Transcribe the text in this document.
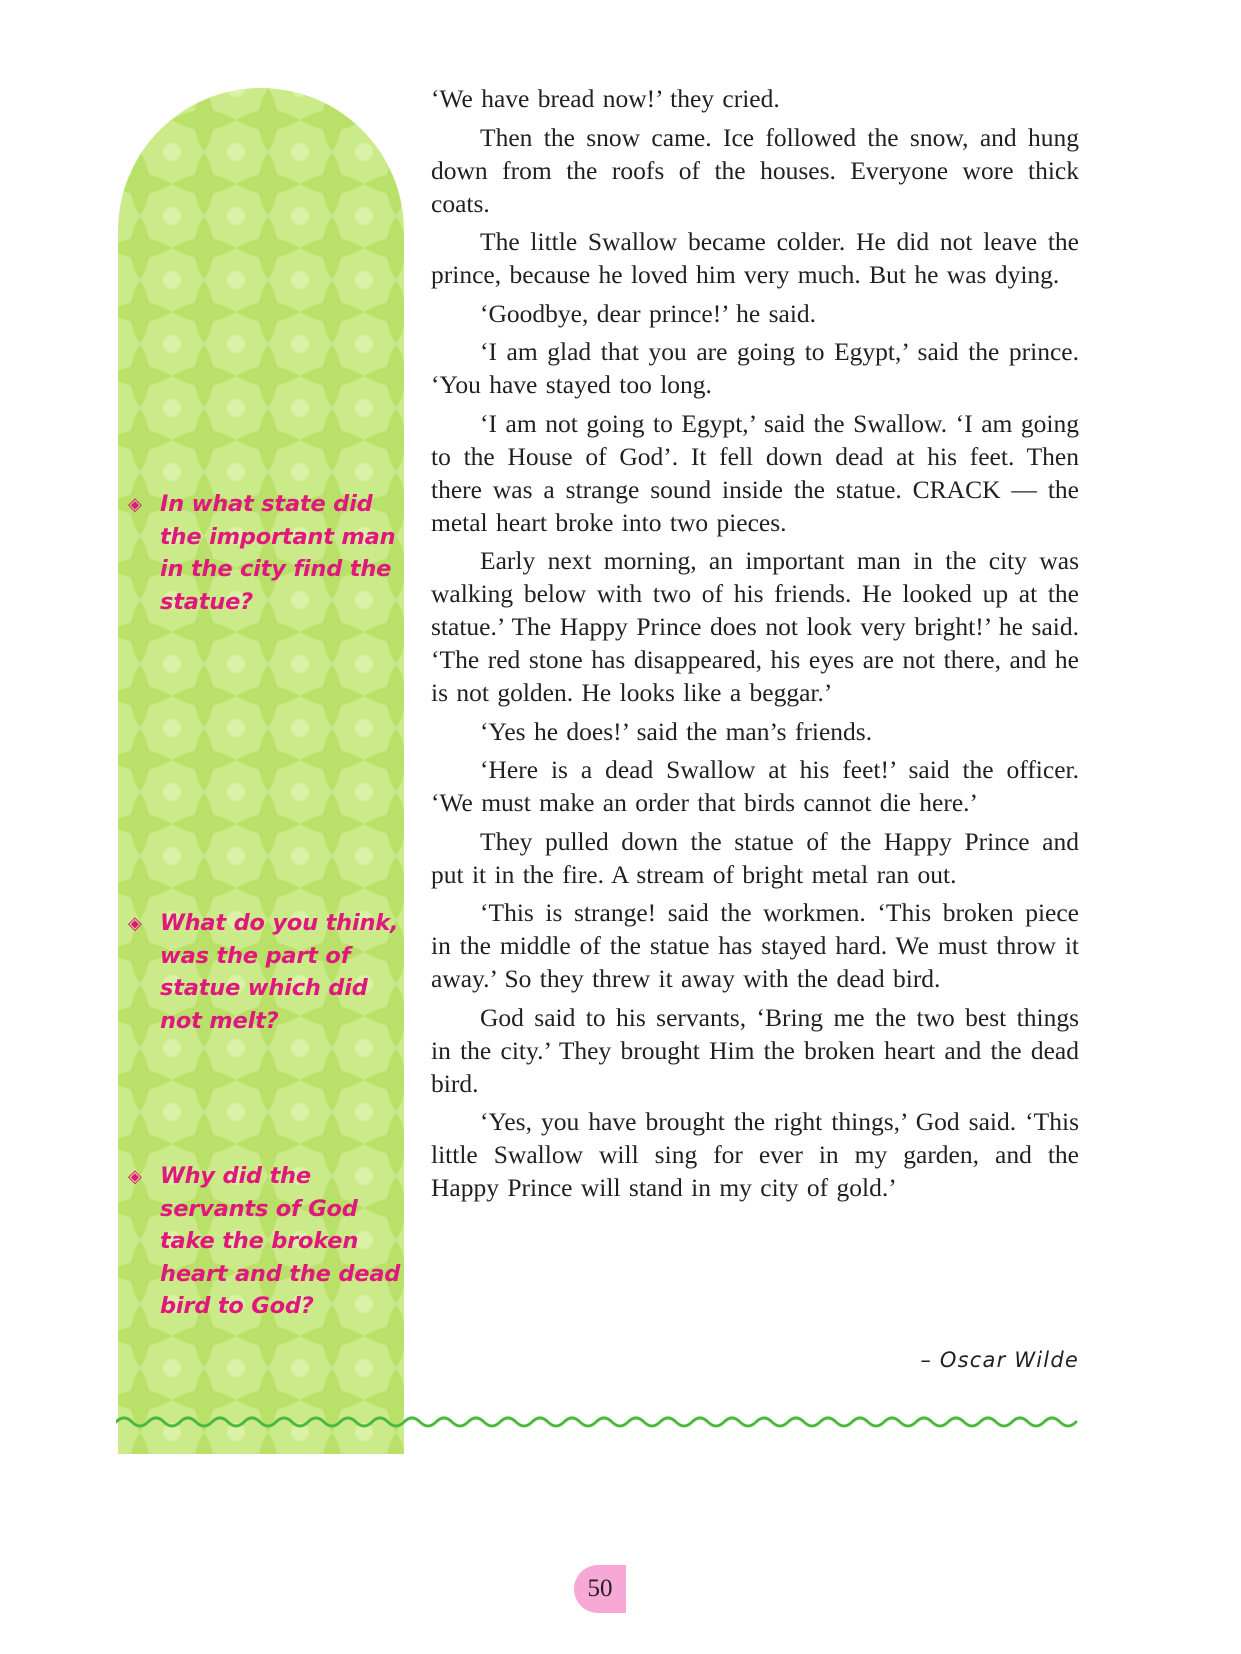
◈ In what state did the important man in the city find the statue?
◈ What do you think, was the part of statue which did not melt?
◈ Why did the servants of God take the broken heart and the dead bird to God?

‘We have bread now!’ they cried.

Then the snow came. Ice followed the snow, and hung down from the roofs of the houses. Everyone wore thick coats.

The little Swallow became colder. He did not leave the prince, because he loved him very much. But he was dying.

‘Goodbye, dear prince!’ he said.

‘I am glad that you are going to Egypt,’ said the prince. ‘You have stayed too long.

‘I am not going to Egypt,’ said the Swallow. ‘I am going to the House of God’. It fell down dead at his feet. Then there was a strange sound inside the statue. CRACK — the metal heart broke into two pieces.

Early next morning, an important man in the city was walking below with two of his friends. He looked up at the statue.’ The Happy Prince does not look very bright!’ he said. ‘The red stone has disappeared, his eyes are not there, and he is not golden. He looks like a beggar.’

‘Yes he does!’ said the man’s friends.

‘Here is a dead Swallow at his feet!’ said the officer. ‘We must make an order that birds cannot die here.’

They pulled down the statue of the Happy Prince and put it in the fire. A stream of bright metal ran out.

‘This is strange! said the workmen. ‘This broken piece in the middle of the statue has stayed hard. We must throw it away.’ So they threw it away with the dead bird.

God said to his servants, ‘Bring me the two best things in the city.’ They brought Him the broken heart and the dead bird.

‘Yes, you have brought the right things,’ God said. ‘This little Swallow will sing for ever in my garden, and the Happy Prince will stand in my city of gold.’

– Oscar Wilde
50
